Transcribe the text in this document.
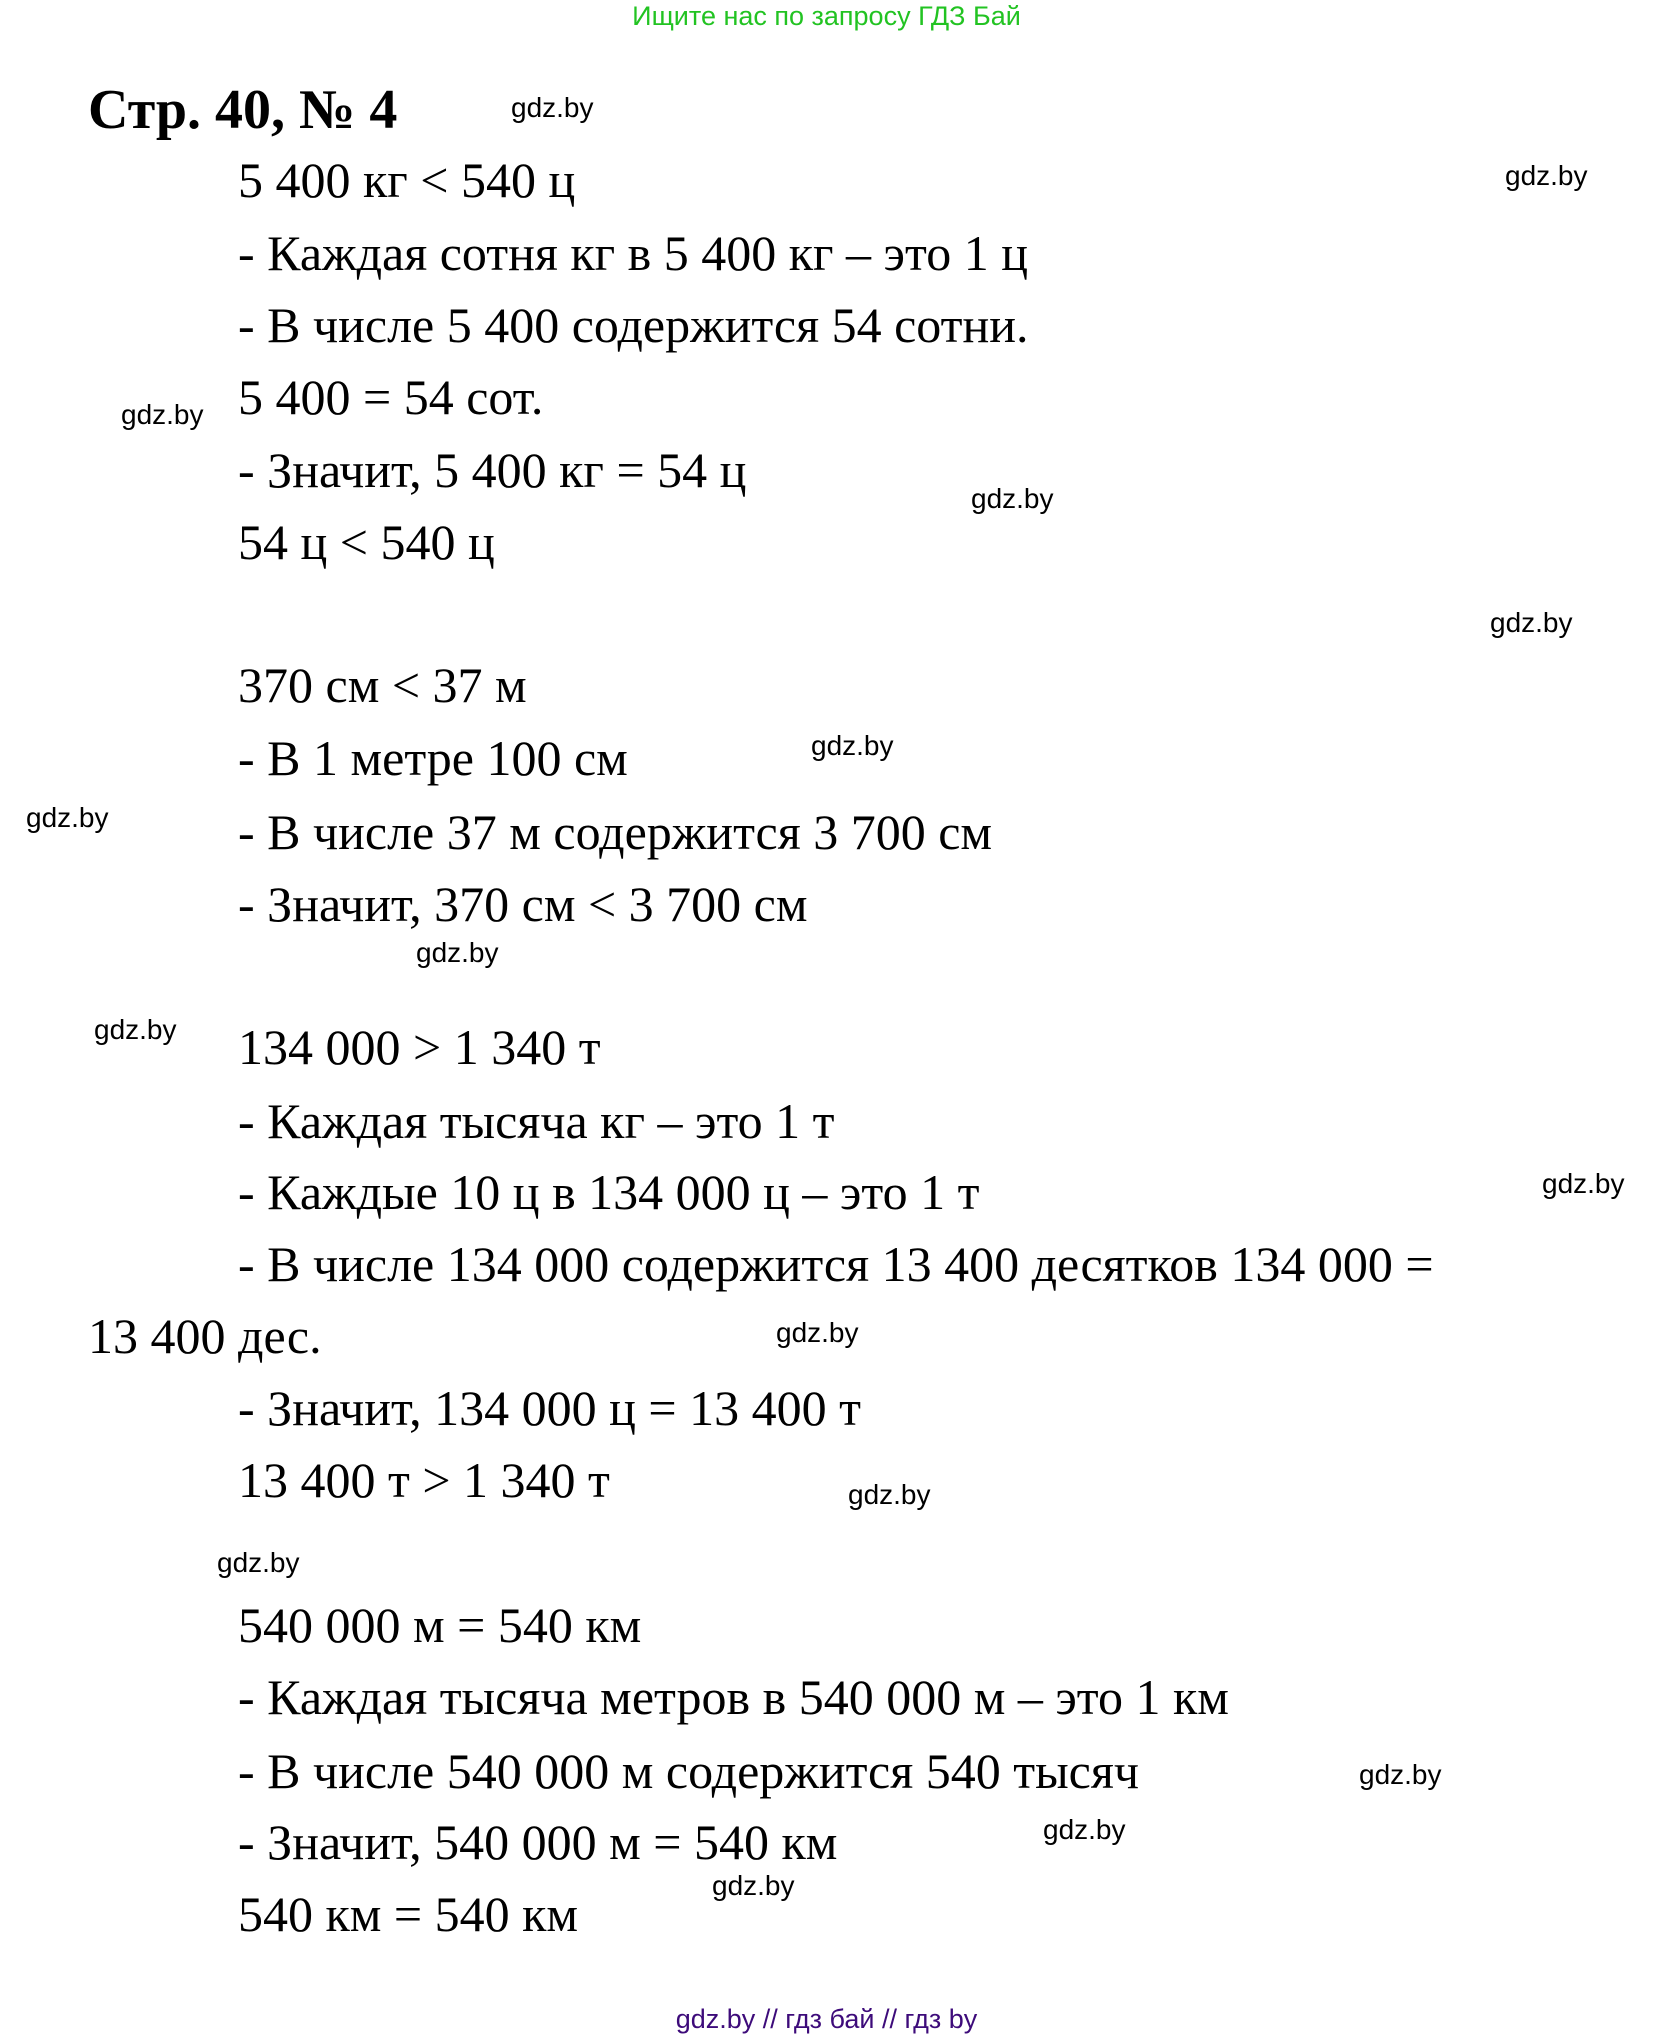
Ищите нас по запросу ГДЗ Бай
Стр. 40, № 4
5 400 кг < 540 ц
- Каждая сотня кг в 5 400 кг – это 1 ц
- В числе 5 400 содержится 54 сотни.
5 400 = 54 сот.
- Значит, 5 400 кг = 54 ц
54 ц < 540 ц
370 см < 37 м
- В 1 метре 100 см
- В числе 37 м содержится 3 700 см
- Значит, 370 см < 3 700 см
134 000 > 1 340 т
- Каждая тысяча кг – это 1 т
- Каждые 10 ц в 134 000 ц – это 1 т
- В числе 134 000 содержится 13 400 десятков 134 000 =
13 400 дес.
- Значит, 134 000 ц = 13 400 т
13 400 т > 1 340 т
540 000 м = 540 км
- Каждая тысяча метров в 540 000 м – это 1 км
- В числе 540 000 м содержится 540 тысяч
- Значит, 540 000 м = 540 км
540 км = 540 км
gdz.by
gdz.by
gdz.by
gdz.by
gdz.by
gdz.by
gdz.by
gdz.by
gdz.by
gdz.by
gdz.by
gdz.by
gdz.by
gdz.by
gdz.by
gdz.by
gdz.by // гдз бай // гдз by
